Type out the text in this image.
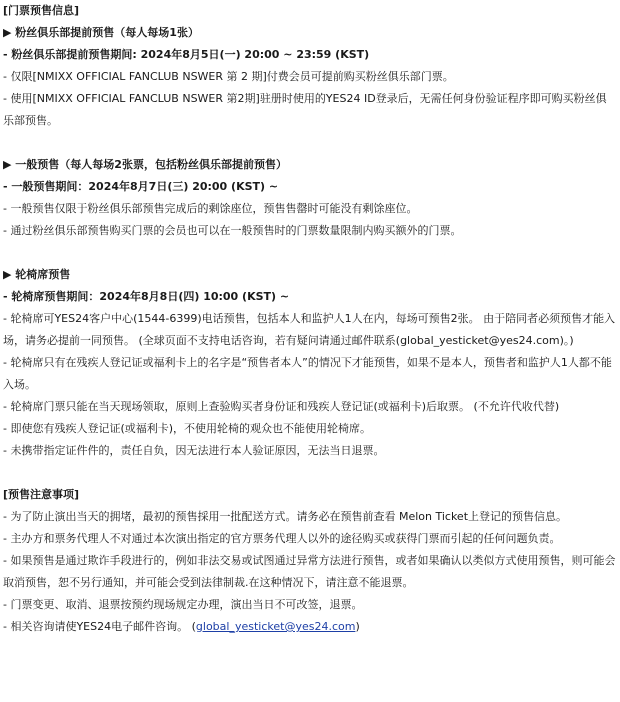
[门票预售信息]

▶ 粉丝俱乐部提前预售（每人每场1张）

- 粉丝俱乐部提前预售期间: 2024年8月5日(一) 20:00 ~ 23:59 (KST)

- 仅限[NMIXX OFFICIAL FANCLUB NSWER 第 2 期]付费会员可提前购买粉丝俱乐部门票。

- 使用[NMIXX OFFICIAL FANCLUB NSWER 第2期]驻册时使用的YES24 ID登录后，无需任何身份验证程序即可购买粉丝俱乐部预售。

▶ 一般预售（每人每场2张票，包括粉丝俱乐部提前预售）

- 一般预售期间：2024年8月7日(三) 20:00 (KST) ~

- 一般预售仅限于粉丝俱乐部预售完成后的剩馀座位，预售售罄时可能没有剩馀座位。

- 通过粉丝俱乐部预售购买门票的会员也可以在一般预售时的门票数量限制内购买额外的门票。

▶ 轮椅席预售

- 轮椅席预售期间：2024年8月8日(四) 10:00 (KST) ~

- 轮椅席可YES24客户中心(1544-6399)电话预售，包括本人和监护人1人在内，每场可预售2张。 由于陪同者必须预售才能入场，请务必提前一同预售。 (全球页面不支持电话咨询，若有疑问请通过邮件联系(global_yesticket@yes24.com)。)

- 轮椅席只有在残疾人登记证或福利卡上的名字是“预售者本人”的情况下才能预售，如果不是本人，预售者和监护人1人都不能入场。

- 轮椅席门票只能在当天现场领取，原则上查验购买者身份证和残疾人登记证(或福利卡)后取票。 (不允许代收代替)

- 即使您有残疾人登记证(或福利卡)，不使用轮椅的观众也不能使用轮椅席。

- 未携带指定证件件的，责任自负，因无法进行本人验证原因，无法当日退票。

[预售注意事项]

- 为了防止演出当天的拥堵，最初的预售採用一批配送方式。请务必在预售前查看 Melon Ticket上登记的预售信息。

- 主办方和票务代理人不对通过本次演出指定的官方票务代理人以外的途径购买或获得门票而引起的任何问题负责。

- 如果预售是通过欺诈手段进行的，例如非法交易或试图通过异常方法进行预售，或者如果确认以类似方式使用预售，则可能会取消预售，恕不另行通知，并可能会受到法律制裁.在这种情况下，请注意不能退票。

- 门票变更、取消、退票按预约现场规定办理，演出当日不可改签，退票。

- 相关咨询请使YES24电子邮件咨询。 (global_yesticket@yes24.com)
